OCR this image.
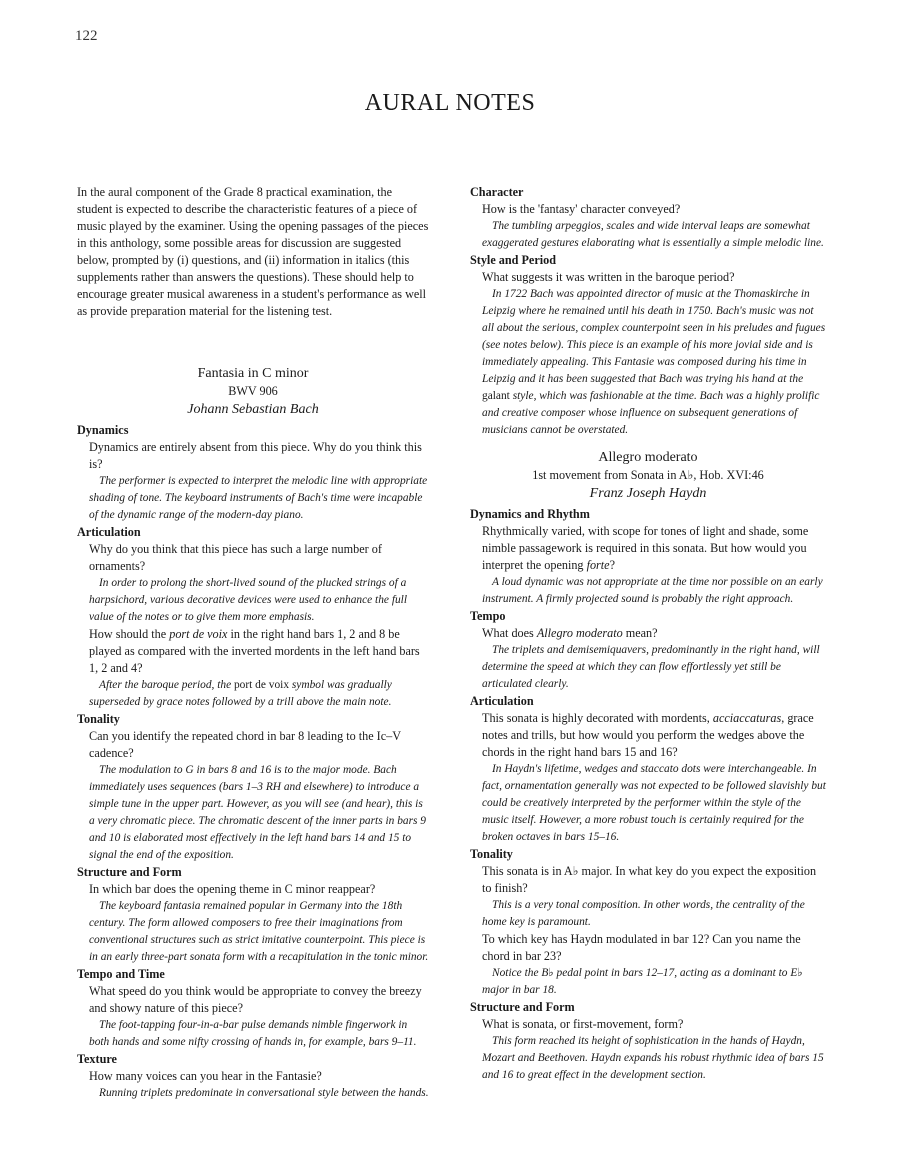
122
AURAL NOTES

In the aural component of the Grade 8 practical examination, the student is expected to describe the characteristic features of a piece of music played by the examiner. Using the opening passages of the pieces in this anthology, some possible areas for discussion are suggested below, prompted by (i) questions, and (ii) information in italics (this supplements rather than answers the questions). These should help to encourage greater musical awareness in a student's performance as well as provide preparation material for the listening test.

Fantasia in C minor
BWV 906
Johann Sebastian Bach
Dynamics

Dynamics are entirely absent from this piece. Why do you think this is?

The performer is expected to interpret the melodic line with appropriate shading of tone. The keyboard instruments of Bach's time were incapable of the dynamic range of the modern-day piano.

Articulation

Why do you think that this piece has such a large number of ornaments?

In order to prolong the short-lived sound of the plucked strings of a harpsichord, various decorative devices were used to enhance the full value of the notes or to give them more emphasis.

How should the port de voix in the right hand bars 1, 2 and 8 be played as compared with the inverted mordents in the left hand bars 1, 2 and 4?

After the baroque period, the port de voix symbol was gradually superseded by grace notes followed by a trill above the main note.

Tonality

Can you identify the repeated chord in bar 8 leading to the Ic–V cadence?

The modulation to G in bars 8 and 16 is to the major mode. Bach immediately uses sequences (bars 1–3 RH and elsewhere) to introduce a simple tune in the upper part. However, as you will see (and hear), this is a very chromatic piece. The chromatic descent of the inner parts in bars 9 and 10 is elaborated most effectively in the left hand bars 14 and 15 to signal the end of the exposition.

Structure and Form

In which bar does the opening theme in C minor reappear?

The keyboard fantasia remained popular in Germany into the 18th century. The form allowed composers to free their imaginations from conventional structures such as strict imitative counterpoint. This piece is in an early three-part sonata form with a recapitulation in the tonic minor.

Tempo and Time

What speed do you think would be appropriate to convey the breezy and showy nature of this piece?

The foot-tapping four-in-a-bar pulse demands nimble fingerwork in both hands and some nifty crossing of hands in, for example, bars 9–11.

Texture

How many voices can you hear in the Fantasie?

Running triplets predominate in conversational style between the hands.

Character

How is the 'fantasy' character conveyed?

The tumbling arpeggios, scales and wide interval leaps are somewhat exaggerated gestures elaborating what is essentially a simple melodic line.

Style and Period

What suggests it was written in the baroque period?

In 1722 Bach was appointed director of music at the Thomaskirche in Leipzig where he remained until his death in 1750. Bach's music was not all about the serious, complex counterpoint seen in his preludes and fugues (see notes below). This piece is an example of his more jovial side and is immediately appealing. This Fantasie was composed during his time in Leipzig and it has been suggested that Bach was trying his hand at the galant style, which was fashionable at the time. Bach was a highly prolific and creative composer whose influence on subsequent generations of musicians cannot be overstated.

Allegro moderato
1st movement from Sonata in A♭, Hob. XVI:46
Franz Joseph Haydn
Dynamics and Rhythm

Rhythmically varied, with scope for tones of light and shade, some nimble passagework is required in this sonata. But how would you interpret the opening forte?

A loud dynamic was not appropriate at the time nor possible on an early instrument. A firmly projected sound is probably the right approach.

Tempo

What does Allegro moderato mean?

The triplets and demisemiquavers, predominantly in the right hand, will determine the speed at which they can flow effortlessly yet still be articulated clearly.

Articulation

This sonata is highly decorated with mordents, acciaccaturas, grace notes and trills, but how would you perform the wedges above the chords in the right hand bars 15 and 16?

In Haydn's lifetime, wedges and staccato dots were interchangeable. In fact, ornamentation generally was not expected to be followed slavishly but could be creatively interpreted by the performer within the style of the music itself. However, a more robust touch is certainly required for the broken octaves in bars 15–16.

Tonality

This sonata is in A♭ major. In what key do you expect the exposition to finish?

This is a very tonal composition. In other words, the centrality of the home key is paramount.

To which key has Haydn modulated in bar 12? Can you name the chord in bar 23?

Notice the B♭ pedal point in bars 12–17, acting as a dominant to E♭ major in bar 18.

Structure and Form

What is sonata, or first-movement, form?

This form reached its height of sophistication in the hands of Haydn, Mozart and Beethoven. Haydn expands his robust rhythmic idea of bars 15 and 16 to great effect in the development section.
